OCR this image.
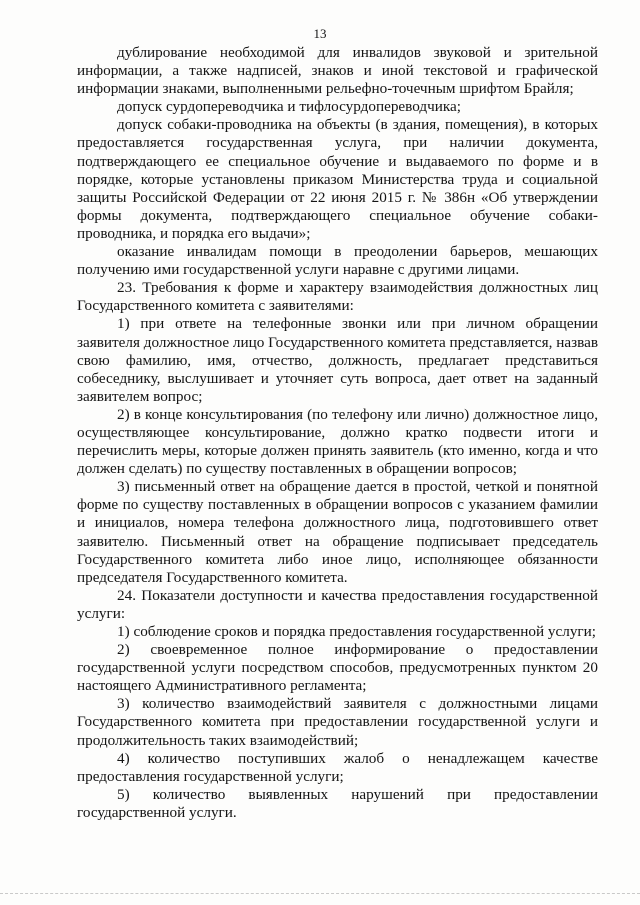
13

дублирование необходимой для инвалидов звуковой и зрительной информации, а также надписей, знаков и иной текстовой и графической информации знаками, выполненными рельефно-точечным шрифтом Брайля;

допуск сурдопереводчика и тифлосурдопереводчика;

допуск собаки-проводника на объекты (в здания, помещения), в которых предоставляется государственная услуга, при наличии документа, подтверждающего ее специальное обучение и выдаваемого по форме и в порядке, которые установлены приказом Министерства труда и социальной защиты Российской Федерации от 22 июня 2015 г. № 386н «Об утверждении формы документа, подтверждающего специальное обучение собаки-проводника, и порядка его выдачи»;

оказание инвалидам помощи в преодолении барьеров, мешающих получению ими государственной услуги наравне с другими лицами.

23. Требования к форме и характеру взаимодействия должностных лиц Государственного комитета с заявителями:

1) при ответе на телефонные звонки или при личном обращении заявителя должностное лицо Государственного комитета представляется, назвав свою фамилию, имя, отчество, должность, предлагает представиться собеседнику, выслушивает и уточняет суть вопроса, дает ответ на заданный заявителем вопрос;

2) в конце консультирования (по телефону или лично) должностное лицо, осуществляющее консультирование, должно кратко подвести итоги и перечислить меры, которые должен принять заявитель (кто именно, когда и что должен сделать) по существу поставленных в обращении вопросов;

3) письменный ответ на обращение дается в простой, четкой и понятной форме по существу поставленных в обращении вопросов с указанием фамилии и инициалов, номера телефона должностного лица, подготовившего ответ заявителю. Письменный ответ на обращение подписывает председатель Государственного комитета либо иное лицо, исполняющее обязанности председателя Государственного комитета.

24. Показатели доступности и качества предоставления государственной услуги:

1) соблюдение сроков и порядка предоставления государственной услуги;

2) своевременное полное информирование о предоставлении государственной услуги посредством способов, предусмотренных пунктом 20 настоящего Административного регламента;

3) количество взаимодействий заявителя с должностными лицами Государственного комитета при предоставлении государственной услуги и продолжительность таких взаимодействий;

4) количество поступивших жалоб о ненадлежащем качестве предоставления государственной услуги;

5) количество выявленных нарушений при предоставлении государственной услуги.
